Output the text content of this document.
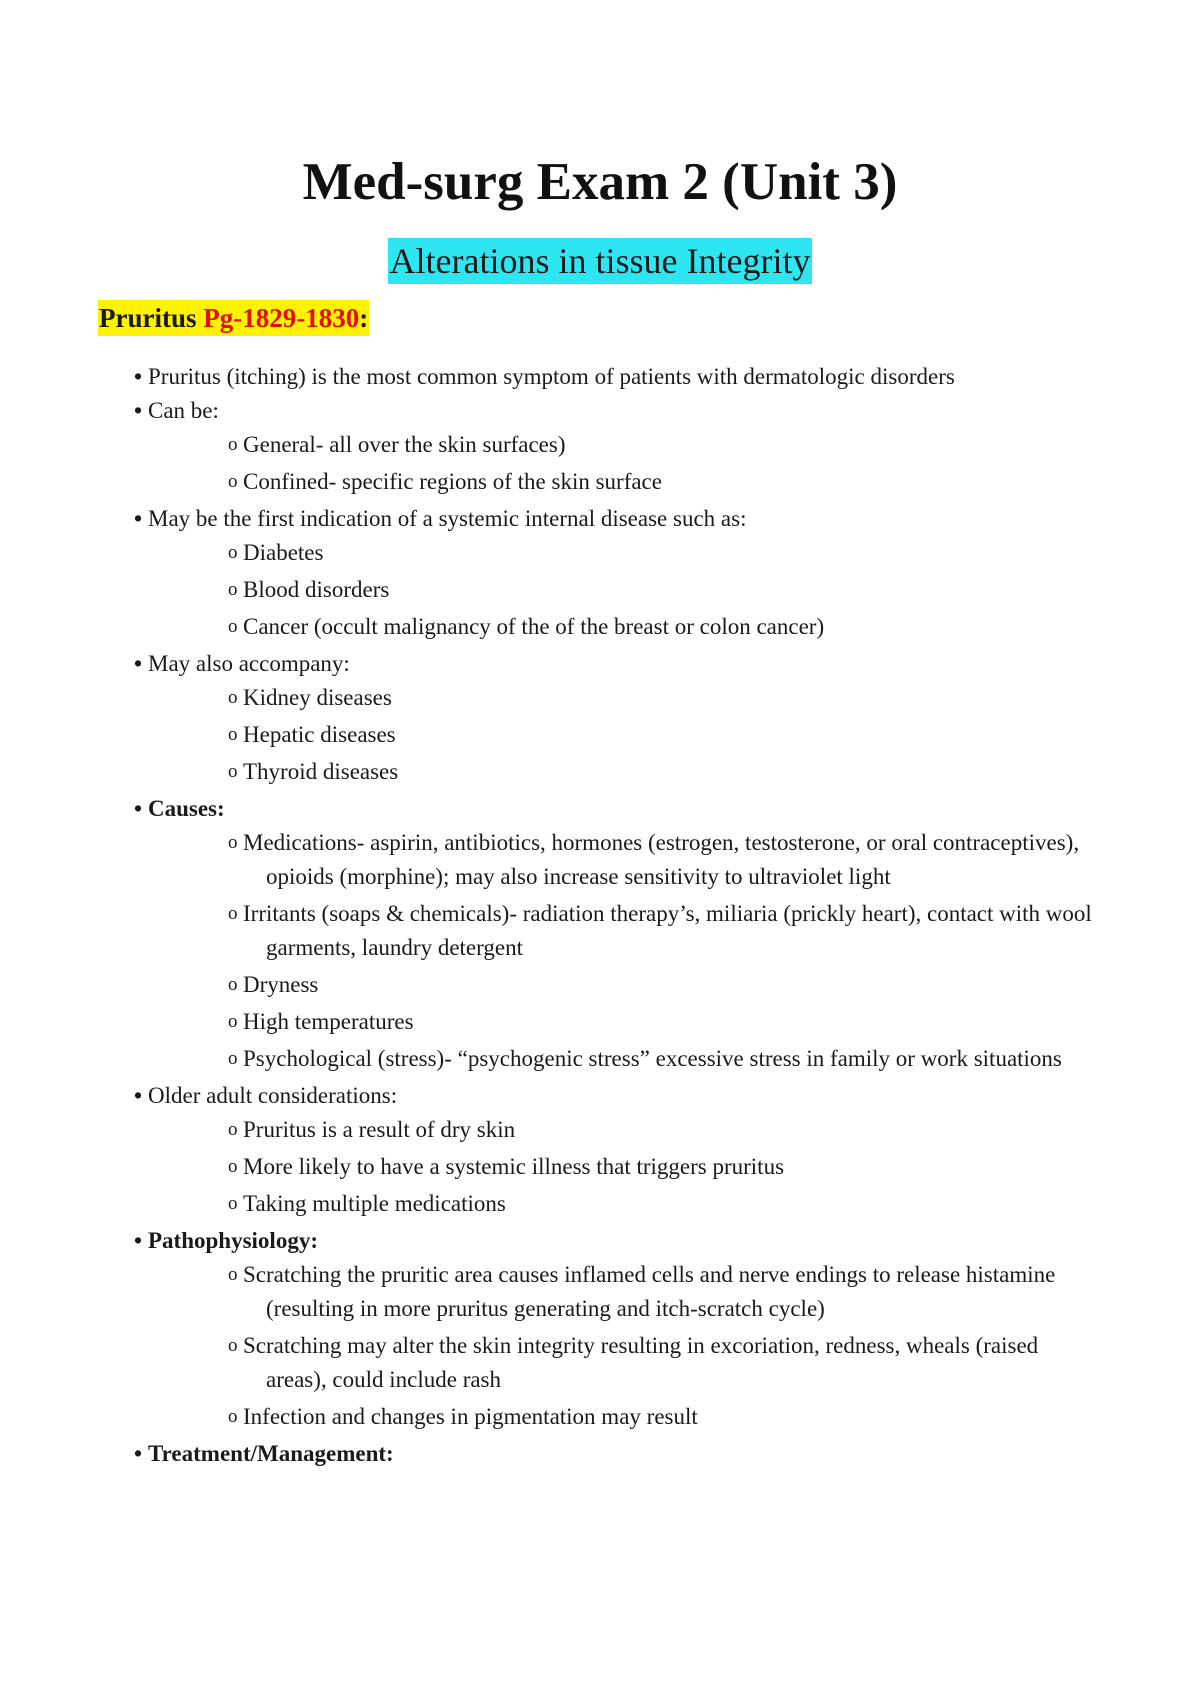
Med-surg Exam 2 (Unit 3)
Alterations in tissue Integrity
Pruritus Pg-1829-1830:
• Pruritus (itching) is the most common symptom of patients with dermatologic disorders
• Can be:
o General- all over the skin surfaces)
o Confined- specific regions of the skin surface
• May be the first indication of a systemic internal disease such as:
o Diabetes
o Blood disorders
o Cancer (occult malignancy of the of the breast or colon cancer)
• May also accompany:
o Kidney diseases
o Hepatic diseases
o Thyroid diseases
• Causes:
o Medications- aspirin, antibiotics, hormones (estrogen, testosterone, or oral contraceptives), opioids (morphine); may also increase sensitivity to ultraviolet light
o Irritants (soaps & chemicals)- radiation therapy’s, miliaria (prickly heart), contact with wool garments, laundry detergent
o Dryness
o High temperatures
o Psychological (stress)- “psychogenic stress” excessive stress in family or work situations
• Older adult considerations:
o Pruritus is a result of dry skin
o More likely to have a systemic illness that triggers pruritus
o Taking multiple medications
• Pathophysiology:
o Scratching the pruritic area causes inflamed cells and nerve endings to release histamine (resulting in more pruritus generating and itch-scratch cycle)
o Scratching may alter the skin integrity resulting in excoriation, redness, wheals (raised areas), could include rash
o Infection and changes in pigmentation may result
• Treatment/Management:
